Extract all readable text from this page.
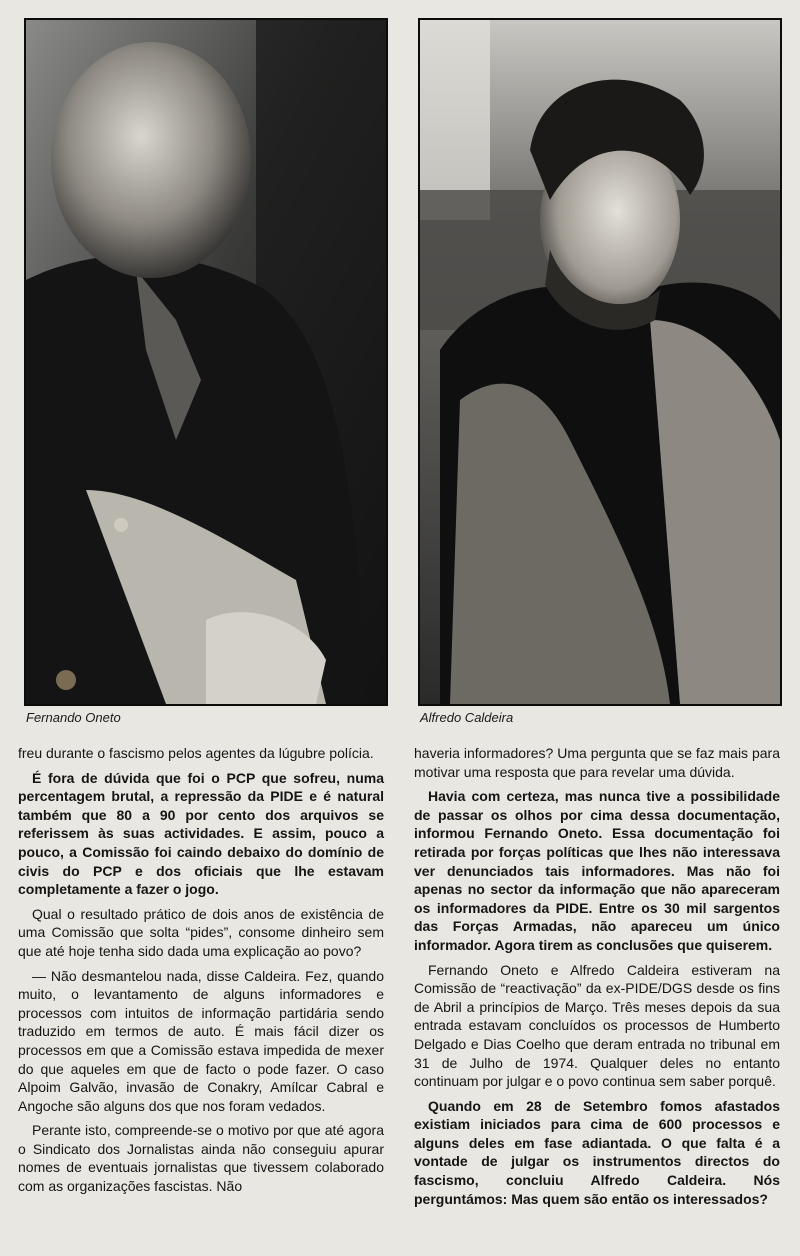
Fernando Oneto	Alfredo Caldeira

freu durante o fascismo pelos agentes da lúgubre polícia.

É fora de dúvida que foi o PCP que sofreu, numa percentagem brutal, a repressão da PIDE e é natural também que 80 a 90 por cento dos arquivos se referissem às suas actividades. E assim, pouco a pouco, a Comissão foi caindo debaixo do domínio de civis do PCP e dos oficiais que lhe estavam completamente a fazer o jogo.

Qual o resultado prático de dois anos de existência de uma Comissão que solta “pides”, consome dinheiro sem que até hoje tenha sido dada uma explicação ao povo?

— Não desmantelou nada, disse Caldeira. Fez, quando muito, o levantamento de alguns informadores e processos com intuitos de informação partidária sendo traduzido em termos de auto. É mais fácil dizer os processos em que a Comissão estava impedida de mexer do que aqueles em que de facto o pode fazer. O caso Alpoim Galvão, invasão de Conakry, Amílcar Cabral e Angoche são alguns dos que nos foram vedados.

Perante isto, compreende-se o motivo por que até agora o Sindicato dos Jornalistas ainda não conseguiu apurar nomes de eventuais jornalistas que tivessem colaborado com as organizações fascistas. Não

haveria informadores? Uma pergunta que se faz mais para motivar uma resposta que para revelar uma dúvida.

Havia com certeza, mas nunca tive a possibilidade de passar os olhos por cima dessa documentação, informou Fernando Oneto. Essa documentação foi retirada por forças políticas que lhes não interessava ver denunciados tais informadores. Mas não foi apenas no sector da informação que não apareceram os informadores da PIDE. Entre os 30 mil sargentos das Forças Armadas, não apareceu um único informador. Agora tirem as conclusões que quiserem.

Fernando Oneto e Alfredo Caldeira estiveram na Comissão de “reactivação” da ex-PIDE/DGS desde os fins de Abril a princípios de Março. Três meses depois da sua entrada estavam concluídos os processos de Humberto Delgado e Dias Coelho que deram entrada no tribunal em 31 de Julho de 1974. Qualquer deles no entanto continuam por julgar e o povo continua sem saber porquê.

Quando em 28 de Setembro fomos afastados existiam iniciados para cima de 600 processos e alguns deles em fase adiantada. O que falta é a vontade de julgar os instrumentos directos do fascismo, concluiu Alfredo Caldeira. Nós perguntámos: Mas quem são então os interessados?
